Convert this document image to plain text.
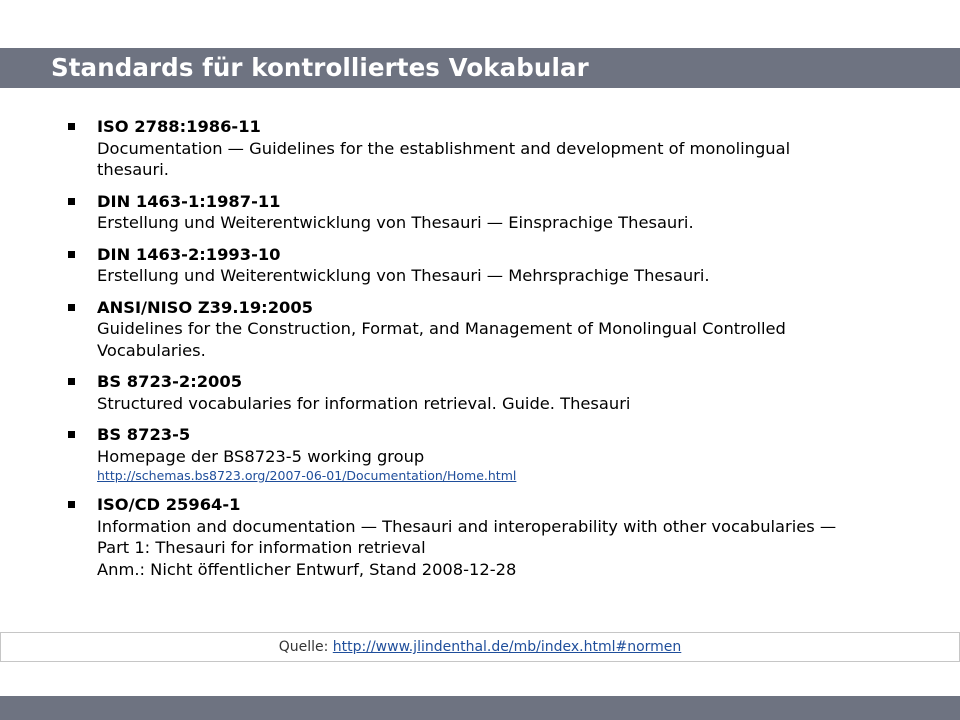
Standards für kontrolliertes Vokabular
ISO 2788:1986-11
Documentation — Guidelines for the establishment and development of monolingual thesauri.
DIN 1463-1:1987-11
Erstellung und Weiterentwicklung von Thesauri — Einsprachige Thesauri.
DIN 1463-2:1993-10
Erstellung und Weiterentwicklung von Thesauri — Mehrsprachige Thesauri.
ANSI/NISO Z39.19:2005
Guidelines for the Construction, Format, and Management of Monolingual Controlled Vocabularies.
BS 8723-2:2005
Structured vocabularies for information retrieval. Guide. Thesauri
BS 8723-5
Homepage der BS8723-5 working group
http://schemas.bs8723.org/2007-06-01/Documentation/Home.html
ISO/CD 25964-1
Information and documentation — Thesauri and interoperability with other vocabularies — Part 1: Thesauri for information retrieval
Anm.: Nicht öffentlicher Entwurf, Stand 2008-12-28
Quelle: http://www.jlindenthal.de/mb/index.html#normen
